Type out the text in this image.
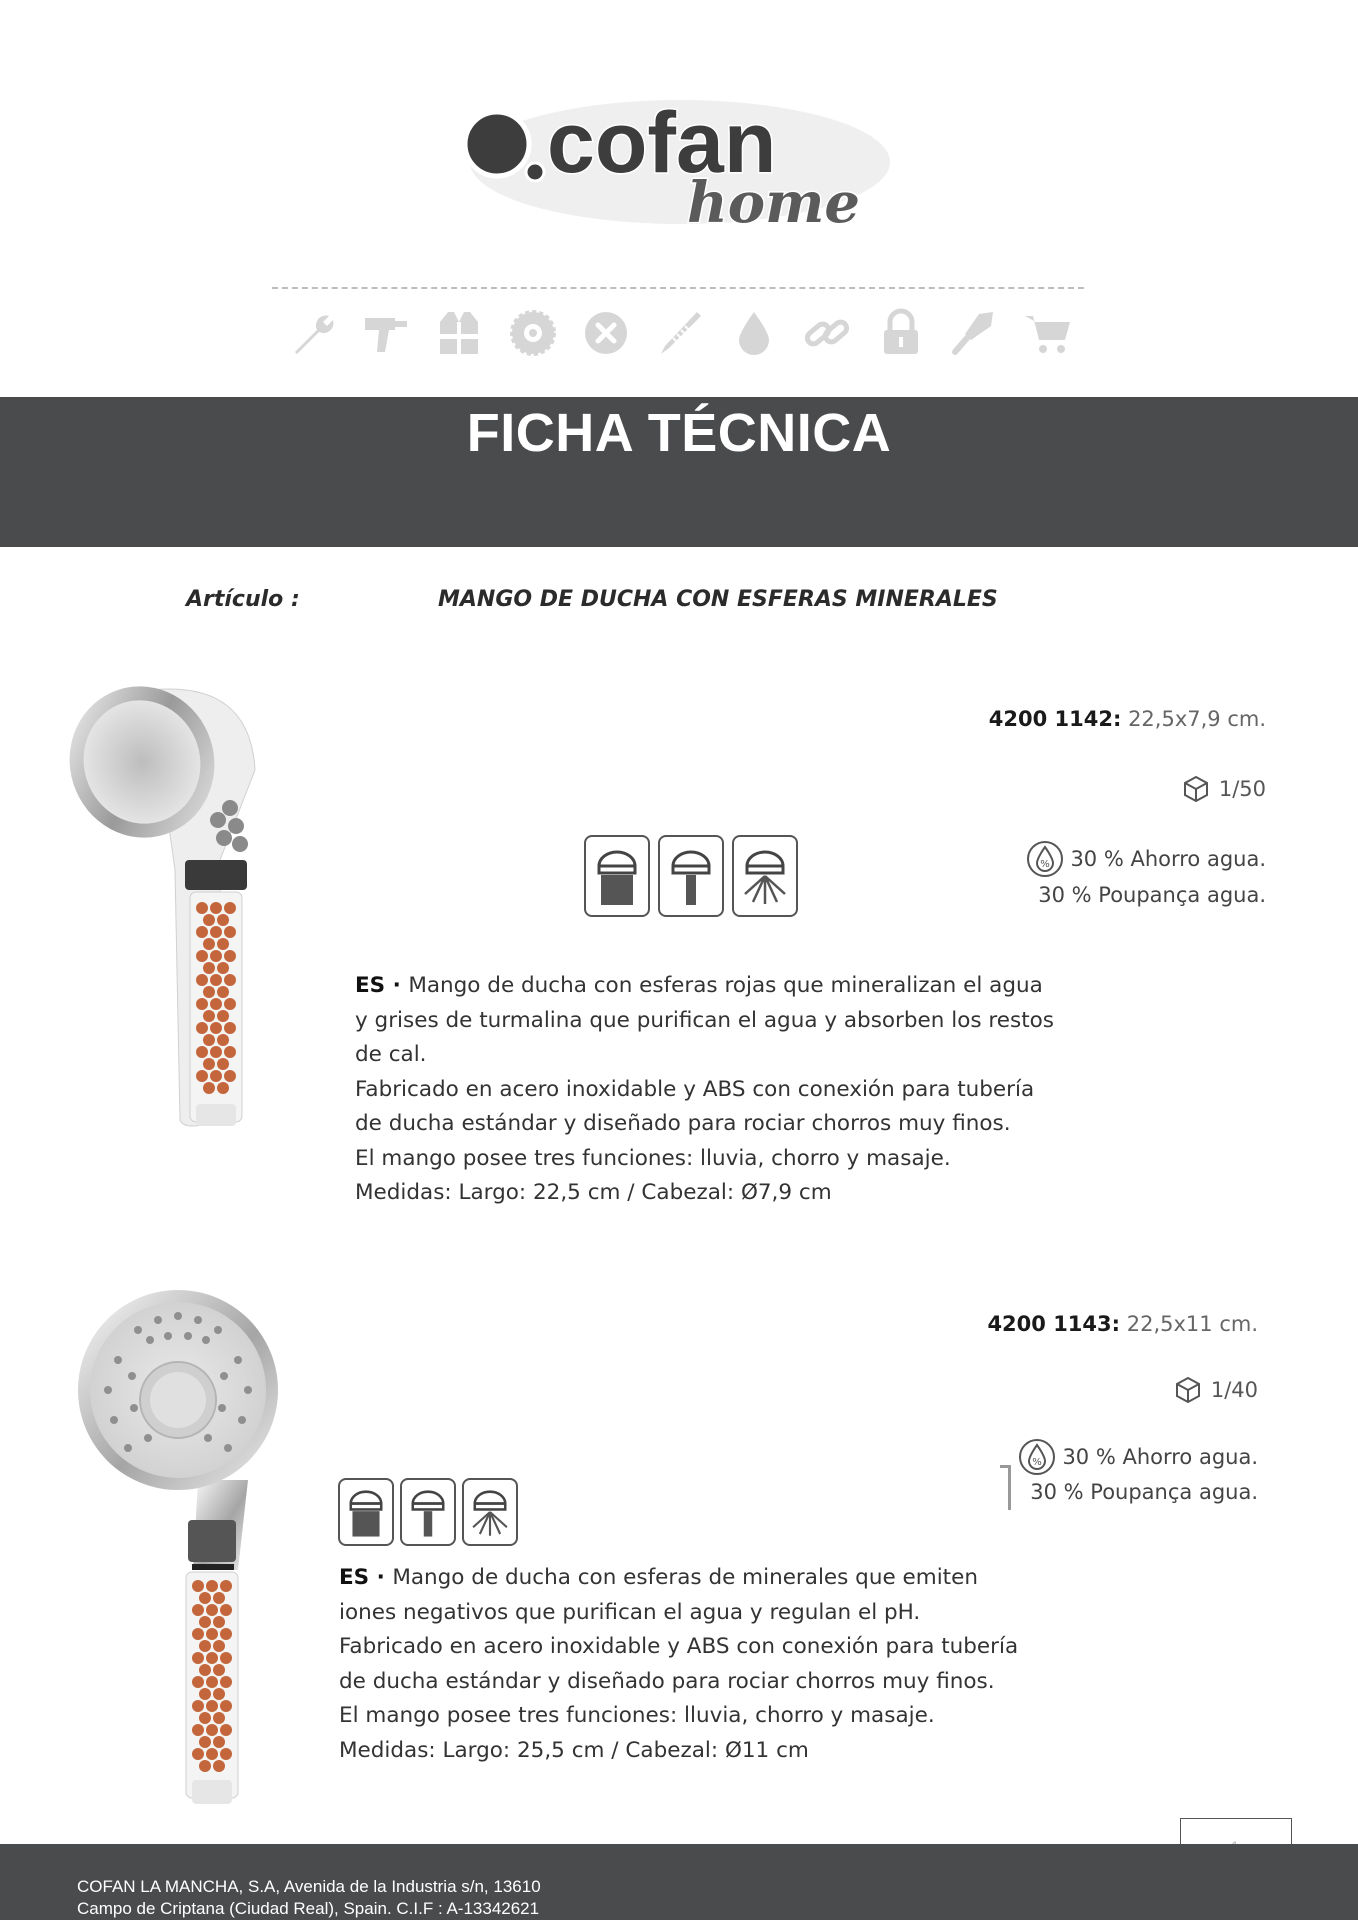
cofan
home
FICHA TÉCNICA
Artículo :	MANGO DE DUCHA CON ESFERAS MINERALES
4200 1142: 22,5x7,9 cm.
1/50
% 30 % Ahorro agua.
30 % Poupança agua.
ES · Mango de ducha con esferas rojas que mineralizan el agua
y grises de turmalina que purifican el agua y absorben los restos
de cal.
Fabricado en acero inoxidable y ABS con conexión para tubería
de ducha estándar y diseñado para rociar chorros muy finos.
El mango posee tres funciones: lluvia, chorro y masaje.
Medidas: Largo: 22,5 cm / Cabezal: Ø7,9 cm
4200 1143: 22,5x11 cm.
1/40
% 30 % Ahorro agua.
30 % Poupança agua.
ES · Mango de ducha con esferas de minerales que emiten
iones negativos que purifican el agua y regulan el pH.
Fabricado en acero inoxidable y ABS con conexión para tubería
de ducha estándar y diseñado para rociar chorros muy finos.
El mango posee tres funciones: lluvia, chorro y masaje.
Medidas: Largo: 25,5 cm / Cabezal: Ø11 cm
COFAN LA MANCHA, S.A, Avenida de la Industria s/n, 13610
Campo de Criptana (Ciudad Real), Spain. C.I.F : A-13342621
